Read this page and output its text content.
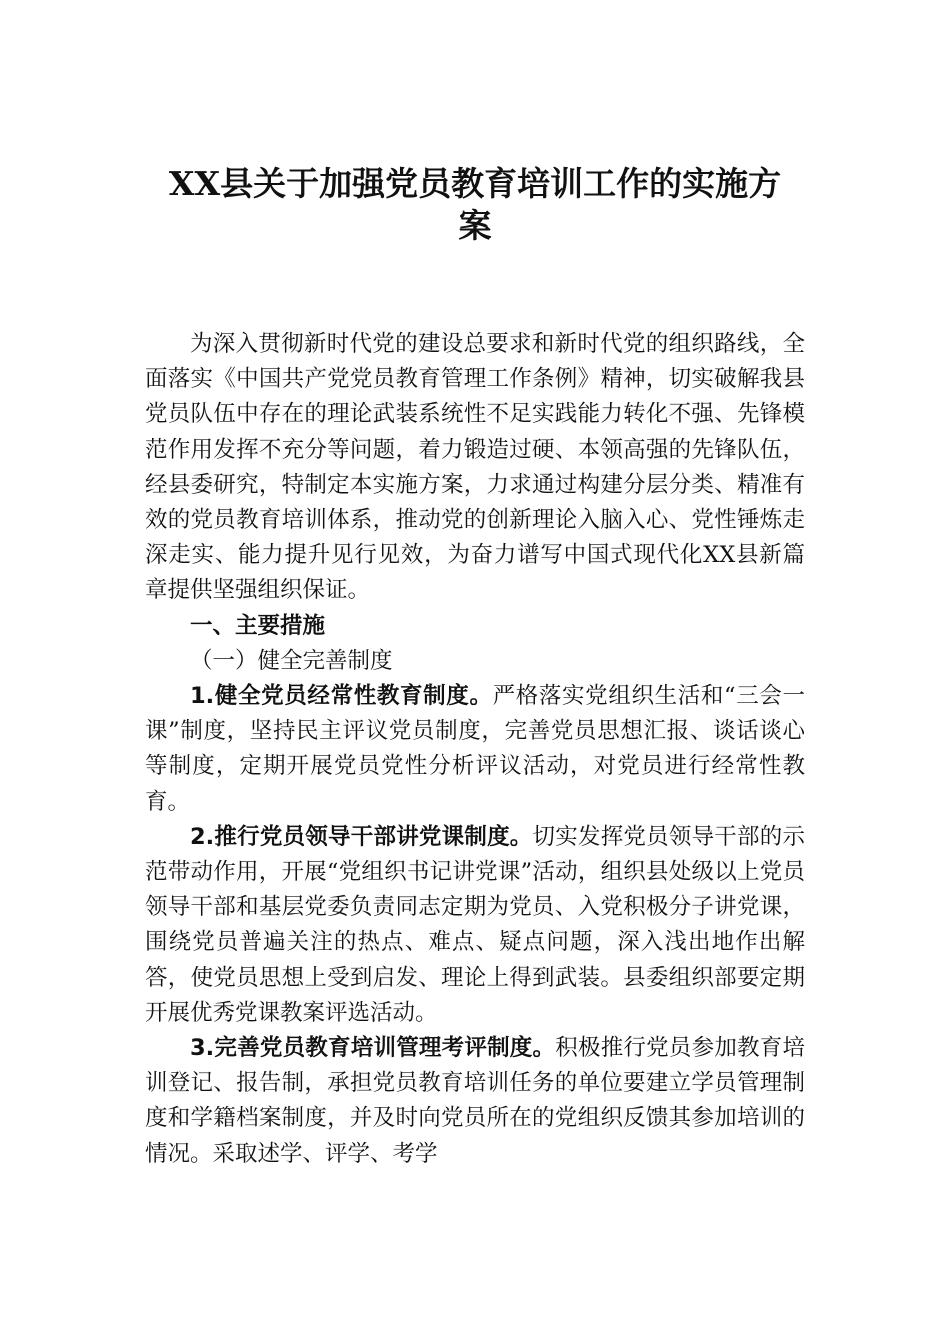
XX县关于加强党员教育培训工作的实施方
案

为深入贯彻新时代党的建设总要求和新时代党的组织路线，全面落实《中国共产党党员教育管理工作条例》精神，切实破解我县党员队伍中存在的理论武装系统性不足实践能力转化不强、先锋模范作用发挥不充分等问题，着力锻造过硬、本领高强的先锋队伍，经县委研究，特制定本实施方案，力求通过构建分层分类、精准有效的党员教育培训体系，推动党的创新理论入脑入心、党性锤炼走深走实、能力提升见行见效，为奋力谱写中国式现代化XX县新篇章提供坚强组织保证。

一、主要措施

（一）健全完善制度

1.健全党员经常性教育制度。严格落实党组织生活和“三会一课”制度，坚持民主评议党员制度，完善党员思想汇报、谈话谈心等制度，定期开展党员党性分析评议活动，对党员进行经常性教育。

2.推行党员领导干部讲党课制度。切实发挥党员领导干部的示范带动作用，开展“党组织书记讲党课”活动，组织县处级以上党员领导干部和基层党委负责同志定期为党员、入党积极分子讲党课，围绕党员普遍关注的热点、难点、疑点问题，深入浅出地作出解答，使党员思想上受到启发、理论上得到武装。县委组织部要定期开展优秀党课教案评选活动。

3.完善党员教育培训管理考评制度。积极推行党员参加教育培训登记、报告制，承担党员教育培训任务的单位要建立学员管理制度和学籍档案制度，并及时向党员所在的党组织反馈其参加培训的情况。采取述学、评学、考学
